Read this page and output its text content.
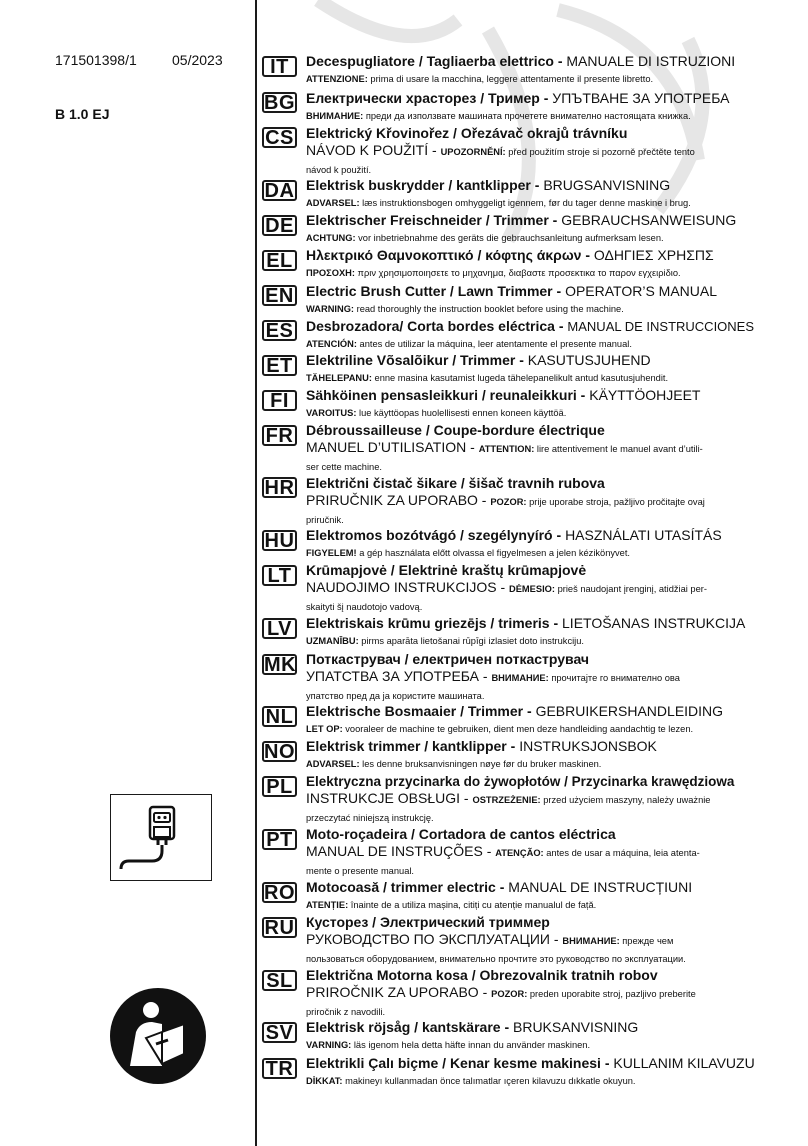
171501398/1	05/2023
B 1.0 EJ
IT	Decespugliatore / Tagliaerba elettrico - MANUALE DI ISTRUZIONI
ATTENZIONE: prima di usare la macchina, leggere attentamente il presente libretto.
BG Електрически храсторез / Тример - УПЪТВАНЕ ЗА УПОТРЕБА
ВНИМАНИЕ: преди да използвате машината прочетете внимателно настоящата книжка.
CS Elektrický Křovinořez / Ořezávač okrajů trávníku
NÁVOD K POUŽITÍ - UPOZORNĚNÍ: před použitím stroje si pozorně přečtěte tento
návod k použití.
DA Elektrisk buskrydder / kantklipper - BRUGSANVISNING
ADVARSEL: læs instruktionsbogen omhyggeligt igennem, før du tager denne maskine i brug.
DE Elektrischer Freischneider / Trimmer - GEBRAUCHSANWEISUNG
ACHTUNG: vor inbetriebnahme des geräts die gebrauchsanleitung aufmerksam lesen.
EL Ηλεκτρικό Θαμνοκοπτικό / κόφτης άκρων - ΟΔΗΓΙΕΣ ΧΡΗΣΠΣ
ΠΡΟΣΟΧΗ: πριν χρησιμοποιησετε το μηχανημα, διαβαστε προσεκτικα το παρον εγχειρiδιο.
EN Electric Brush Cutter / Lawn Trimmer - OPERATOR’S MANUAL
WARNING: read thoroughly the instruction booklet before using the machine.
ES Desbrozadora/ Corta bordes eléctrica - MANUAL DE INSTRUCCIONES
ATENCIÓN: antes de utilizar la máquina, leer atentamente el presente manual.
ET Elektriline Võsalõikur / Trimmer - KASUTUSJUHEND
TÄHELEPANU: enne masina kasutamist lugeda tähelepanelikult antud kasutusjuhendit.
FI	Sähköinen pensasleikkuri / reunaleikkuri - KÄYTTÖOHJEET
VAROITUS: lue käyttöopas huolellisesti ennen koneen käyttöä.
FR Débroussailleuse / Coupe-bordure électrique
MANUEL D’UTILISATION - ATTENTION: lire attentivement le manuel avant d’utili-
ser cette machine.
HR Električni čistač šikare / šišač travnih rubova
PRIRUČNIK ZA UPORABO - POZOR: prije uporabe stroja, pažljivo pročitajte ovaj
priručnik.
HU Elektromos bozótvágó / szegélynyíró - HASZNÁLATI UTASÍTÁS
FIGYELEM! a gép használata előtt olvassa el figyelmesen a jelen kézikönyvet.
LT	Krūmapjovė / Elektrinė kraštų krūmapjovė
NAUDOJIMO INSTRUKCIJOS - DĖMESIO: prieš naudojant įrenginį, atidžiai per-
skaityti šį naudotojo vadovą.
LV Elektriskais krūmu griezējs / trimeris - LIETOŠANAS INSTRUKCIJA
UZMANĪBU: pirms aparāta lietošanai rūpīgi izlasiet doto instrukciju.
MK Поткаструвач / електричен поткаструвач
УПАТСТВА ЗА УПОТРЕБА - ВНИМАНИЕ: прочитајте го внимателно ова
упатство пред да ја користите машината.
NL Elektrische Bosmaaier / Trimmer - GEBRUIKERSHANDLEIDING
LET OP: vooraleer de machine te gebruiken, dient men deze handleiding aandachtig te lezen.
NO Elektrisk trimmer / kantklipper - INSTRUKSJONSBOK
ADVARSEL: les denne bruksanvisningen nøye før du bruker maskinen.
PL Elektryczna przycinarka do żywopłotów / Przycinarka krawędziowa
INSTRUKCJE OBSŁUGI - OSTRZEŻENIE: przed użyciem maszyny, należy uważnie
przeczytać niniejszą instrukcję.
PT Moto-roçadeira / Cortadora de cantos eléctrica
MANUAL DE INSTRUÇÕES - ATENÇÃO: antes de usar a máquina, leia atenta-
mente o presente manual.
RO Motocoasă / trimmer electric - MANUAL DE INSTRUCȚIUNI
ATENȚIE: înainte de a utiliza mașina, citiți cu atenție manualul de față.
RU Кусторез / Электрический триммер
РУКОВОДСТВО ПО ЭКСПЛУАТАЦИИ - ВНИМАНИЕ: прежде чем
пользоваться оборудованием, внимательно прочтите это руководство по эксплуатации.
SL Električna Motorna kosa / Obrezovalnik tratnih robov
PRIROČNIK ZA UPORABO - POZOR: preden uporabite stroj, pazljivo preberite
priročnik z navodili.
SV Elektrisk röjsåg / kantskärare - BRUKSANVISNING
VARNING: läs igenom hela detta häfte innan du använder maskinen.
TR Elektrikli Çalı biçme / Kenar kesme makinesi - KULLANIM KILAVUZU
DİKKAT: makineyı kullanmadan önce talımatlar ıçeren kilavuzu dıkkatle okuyun.
